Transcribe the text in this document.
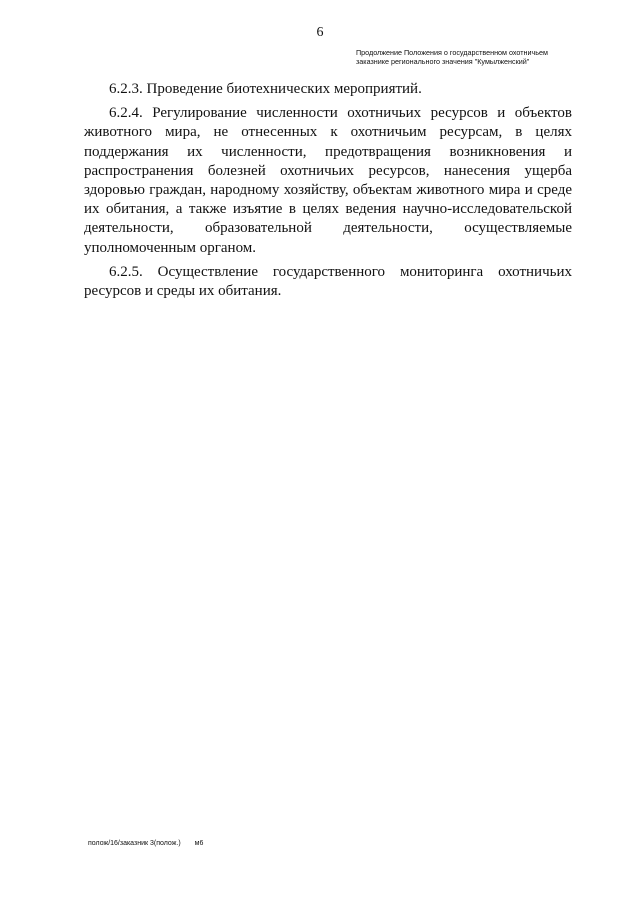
6
Продолжение Положения о государственном охотничьем
заказнике регионального значения "Кумылженский"

6.2.3. Проведение биотехнических мероприятий.

6.2.4. Регулирование численности охотничьих ресурсов и объектов животного мира, не отнесенных к охотничьим ресурсам, в целях поддержания их численности, предотвращения возникновения и распространения болезней охотничьих ресурсов, нанесения ущерба здоровью граждан, народному хозяйству, объектам животного мира и среде их обитания, а также изъятие в целях ведения научно-исследовательской деятельности, образовательной деятельности, осуществляемые уполномоченным органом.

6.2.5. Осуществление государственного мониторинга охотничьих ресурсов и среды их обитания.

полож/16/заказник 3(полож.) м6
